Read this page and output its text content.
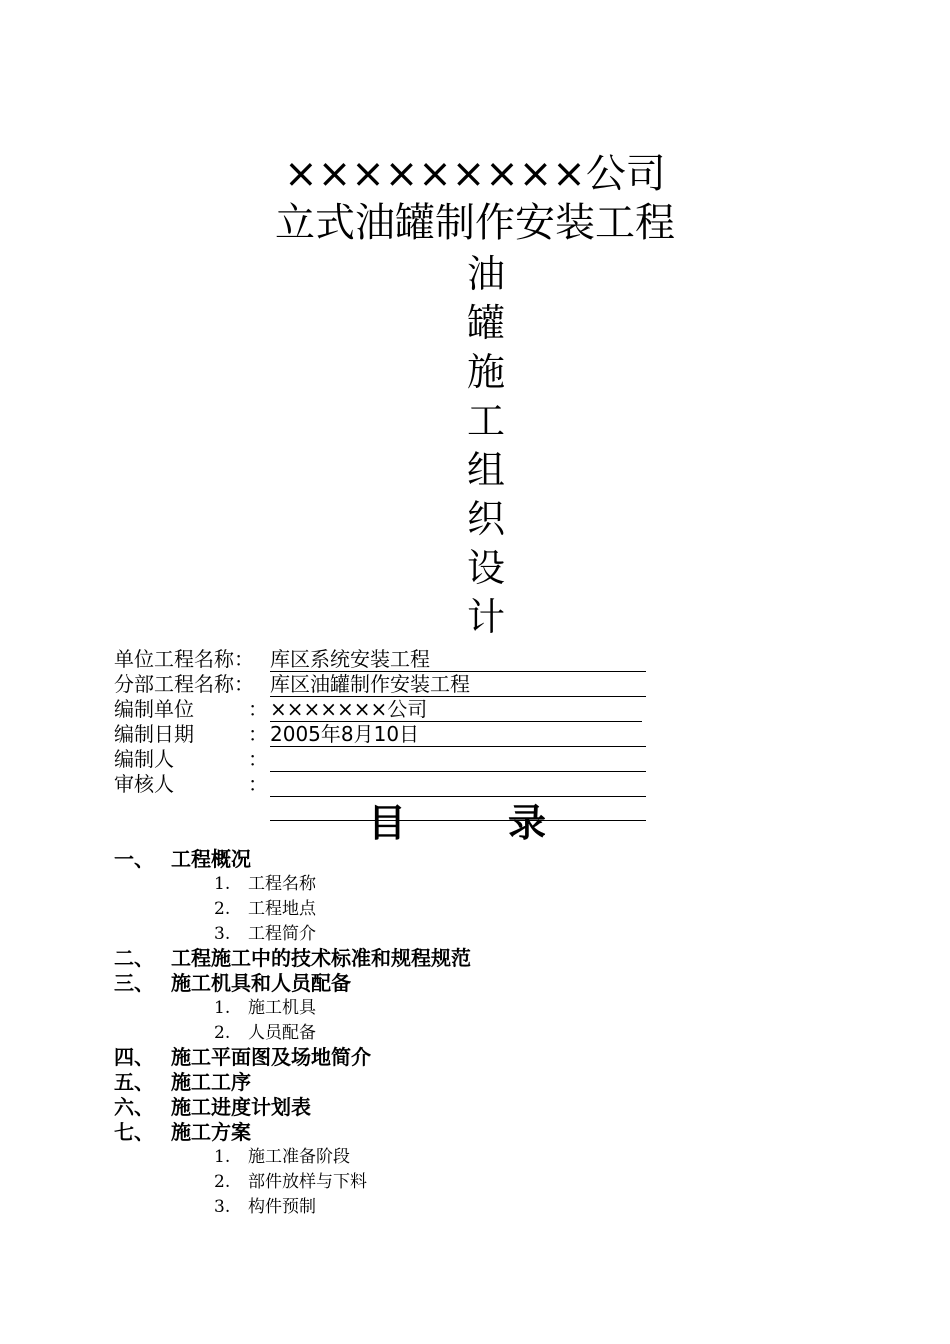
×××××××××公司
立式油罐制作安装工程
油
罐
施
工
组
织
设
计
单位工程名称： 库区系统安装工程
分部工程名称： 库区油罐制作安装工程
编制单位	： ×××××××公司
编制日期	： 2005年8月10日
编制人	：
审核人	：
目	录
一、 工程概况
1. 工程名称
2. 工程地点
3. 工程简介
二、 工程施工中的技术标准和规程规范
三、 施工机具和人员配备
1. 施工机具
2. 人员配备
四、 施工平面图及场地简介
五、 施工工序
六、 施工进度计划表
七、 施工方案
1. 施工准备阶段
2. 部件放样与下料
3. 构件预制
